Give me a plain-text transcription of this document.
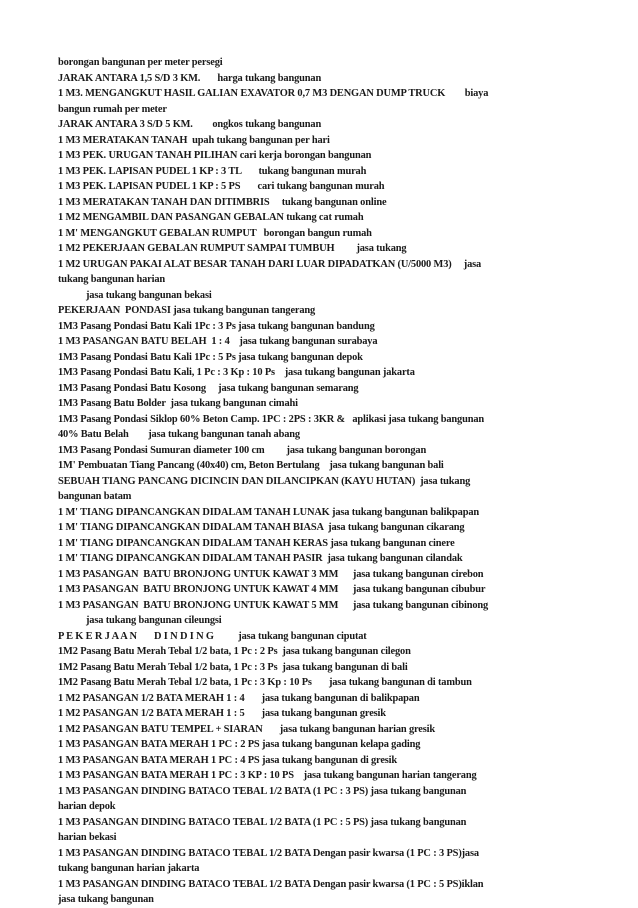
borongan bangunan per meter persegi
JARAK ANTARA 1,5 S/D 3 KM.       harga tukang bangunan
1 M3. MENGANGKUT HASIL GALIAN EXAVATOR 0,7 M3 DENGAN DUMP TRUCK        biaya
bangun rumah per meter
JARAK ANTARA 3 S/D 5 KM.        ongkos tukang bangunan
1 M3 MERATAKAN TANAH  upah tukang bangunan per hari
1 M3 PEK. URUGAN TANAH PILIHAN cari kerja borongan bangunan
1 M3 PEK. LAPISAN PUDEL 1 KP : 3 TL       tukang bangunan murah
1 M3 PEK. LAPISAN PUDEL 1 KP : 5 PS       cari tukang bangunan murah
1 M3 MERATAKAN TANAH DAN DITIMBRIS     tukang bangunan online
1 M2 MENGAMBIL DAN PASANGAN GEBALAN tukang cat rumah
1 M' MENGANGKUT GEBALAN RUMPUT   borongan bangun rumah
1 M2 PEKERJAAN GEBALAN RUMPUT SAMPAI TUMBUH         jasa tukang
1 M2 URUGAN PAKAI ALAT BESAR TANAH DARI LUAR DIPADATKAN (U/5000 M3)     jasa
tukang bangunan harian
jasa tukang bangunan bekasi
PEKERJAAN  PONDASI jasa tukang bangunan tangerang
1M3 Pasang Pondasi Batu Kali 1Pc : 3 Ps jasa tukang bangunan bandung
1 M3 PASANGAN BATU BELAH  1 : 4    jasa tukang bangunan surabaya
1M3 Pasang Pondasi Batu Kali 1Pc : 5 Ps jasa tukang bangunan depok
1M3 Pasang Pondasi Batu Kali, 1 Pc : 3 Kp : 10 Ps    jasa tukang bangunan jakarta
1M3 Pasang Pondasi Batu Kosong     jasa tukang bangunan semarang
1M3 Pasang Batu Bolder  jasa tukang bangunan cimahi
1M3 Pasang Pondasi Siklop 60% Beton Camp. 1PC : 2PS : 3KR &   aplikasi jasa tukang bangunan
40% Batu Belah        jasa tukang bangunan tanah abang
1M3 Pasang Pondasi Sumuran diameter 100 cm         jasa tukang bangunan borongan
1M' Pembuatan Tiang Pancang (40x40) cm, Beton Bertulang    jasa tukang bangunan bali
SEBUAH TIANG PANCANG DICINCIN DAN DILANCIPKAN (KAYU HUTAN)  jasa tukang
bangunan batam
1 M' TIANG DIPANCANGKAN DIDALAM TANAH LUNAK jasa tukang bangunan balikpapan
1 M' TIANG DIPANCANGKAN DIDALAM TANAH BIASA  jasa tukang bangunan cikarang
1 M' TIANG DIPANCANGKAN DIDALAM TANAH KERAS jasa tukang bangunan cinere
1 M' TIANG DIPANCANGKAN DIDALAM TANAH PASIR  jasa tukang bangunan cilandak
1 M3 PASANGAN  BATU BRONJONG UNTUK KAWAT 3 MM      jasa tukang bangunan cirebon
1 M3 PASANGAN  BATU BRONJONG UNTUK KAWAT 4 MM      jasa tukang bangunan cibubur
1 M3 PASANGAN  BATU BRONJONG UNTUK KAWAT 5 MM      jasa tukang bangunan cibinong
jasa tukang bangunan cileungsi
P E K E R J A A N       D I N D I N G          jasa tukang bangunan ciputat
1M2 Pasang Batu Merah Tebal 1/2 bata, 1 Pc : 2 Ps  jasa tukang bangunan cilegon
1M2 Pasang Batu Merah Tebal 1/2 bata, 1 Pc : 3 Ps  jasa tukang bangunan di bali
1M2 Pasang Batu Merah Tebal 1/2 bata, 1 Pc : 3 Kp : 10 Ps       jasa tukang bangunan di tambun
1 M2 PASANGAN 1/2 BATA MERAH 1 : 4       jasa tukang bangunan di balikpapan
1 M2 PASANGAN 1/2 BATA MERAH 1 : 5       jasa tukang bangunan gresik
1 M2 PASANGAN BATU TEMPEL + SIARAN       jasa tukang bangunan harian gresik
1 M3 PASANGAN BATA MERAH 1 PC : 2 PS jasa tukang bangunan kelapa gading
1 M3 PASANGAN BATA MERAH 1 PC : 4 PS jasa tukang bangunan di gresik
1 M3 PASANGAN BATA MERAH 1 PC : 3 KP : 10 PS    jasa tukang bangunan harian tangerang
1 M3 PASANGAN DINDING BATACO TEBAL 1/2 BATA (1 PC : 3 PS) jasa tukang bangunan
harian depok
1 M3 PASANGAN DINDING BATACO TEBAL 1/2 BATA (1 PC : 5 PS) jasa tukang bangunan
harian bekasi
1 M3 PASANGAN DINDING BATACO TEBAL 1/2 BATA Dengan pasir kwarsa (1 PC : 3 PS)jasa
tukang bangunan harian jakarta
1 M3 PASANGAN DINDING BATACO TEBAL 1/2 BATA Dengan pasir kwarsa (1 PC : 5 PS)iklan
jasa tukang bangunan
